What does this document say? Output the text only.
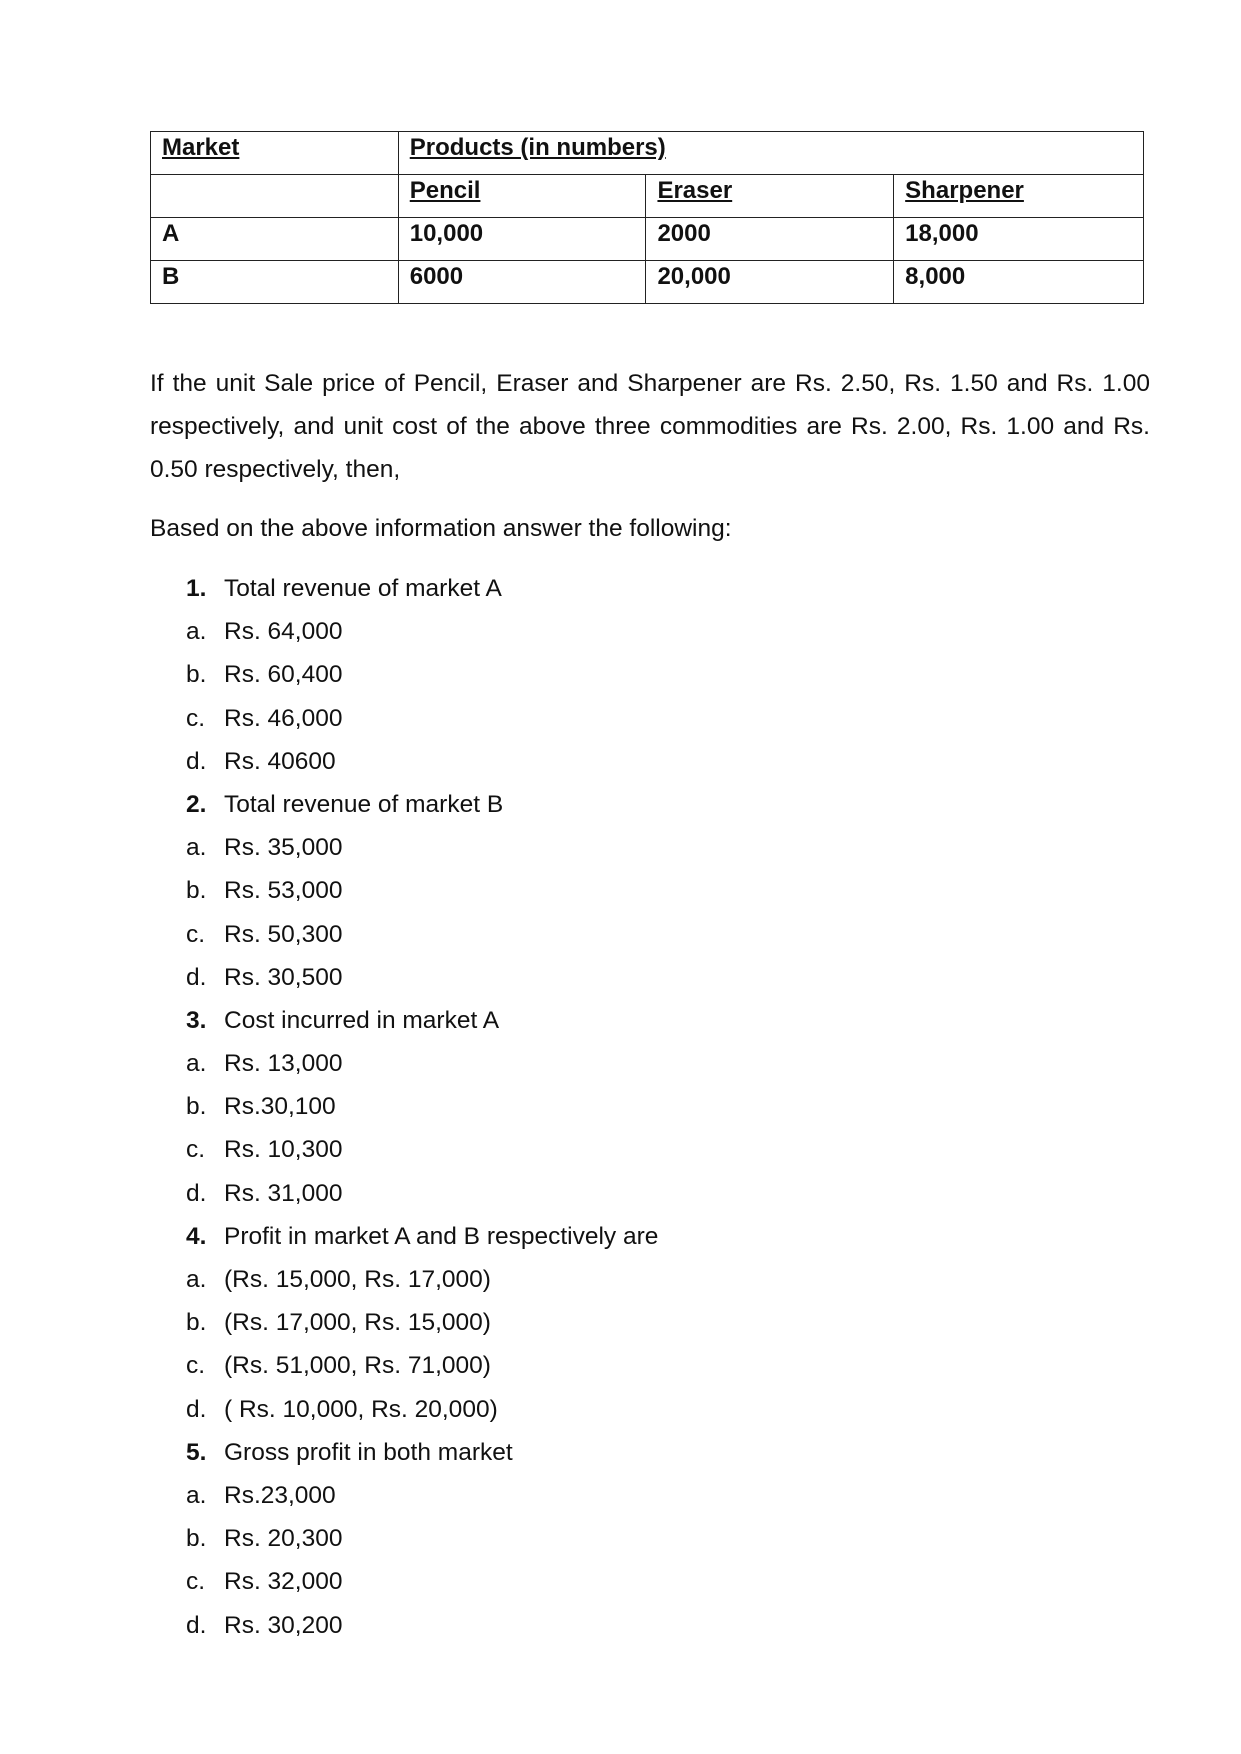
Market	Products (in numbers)		
	Pencil	Eraser	Sharpener
A	10,000	2000	18,000
B	6000	20,000	8,000

If the unit Sale price of Pencil, Eraser and Sharpener are Rs. 2.50, Rs. 1.50 and Rs. 1.00 respectively, and unit cost of the above three commodities are Rs. 2.00, Rs. 1.00 and Rs. 0.50 respectively, then,

Based on the above information answer the following:

1. Total revenue of market A
a. Rs. 64,000
b. Rs. 60,400
c. Rs. 46,000
d. Rs. 40600
2. Total revenue of market B
a. Rs. 35,000
b. Rs. 53,000
c. Rs. 50,300
d. Rs. 30,500
3. Cost incurred in market A
a. Rs. 13,000
b. Rs.30,100
c. Rs. 10,300
d. Rs. 31,000
4. Profit in market A and B respectively are
a. (Rs. 15,000, Rs. 17,000)
b. (Rs. 17,000, Rs. 15,000)
c. (Rs. 51,000, Rs. 71,000)
d. ( Rs. 10,000, Rs. 20,000)
5. Gross profit in both market
a. Rs.23,000
b. Rs. 20,300
c. Rs. 32,000
d. Rs. 30,200
